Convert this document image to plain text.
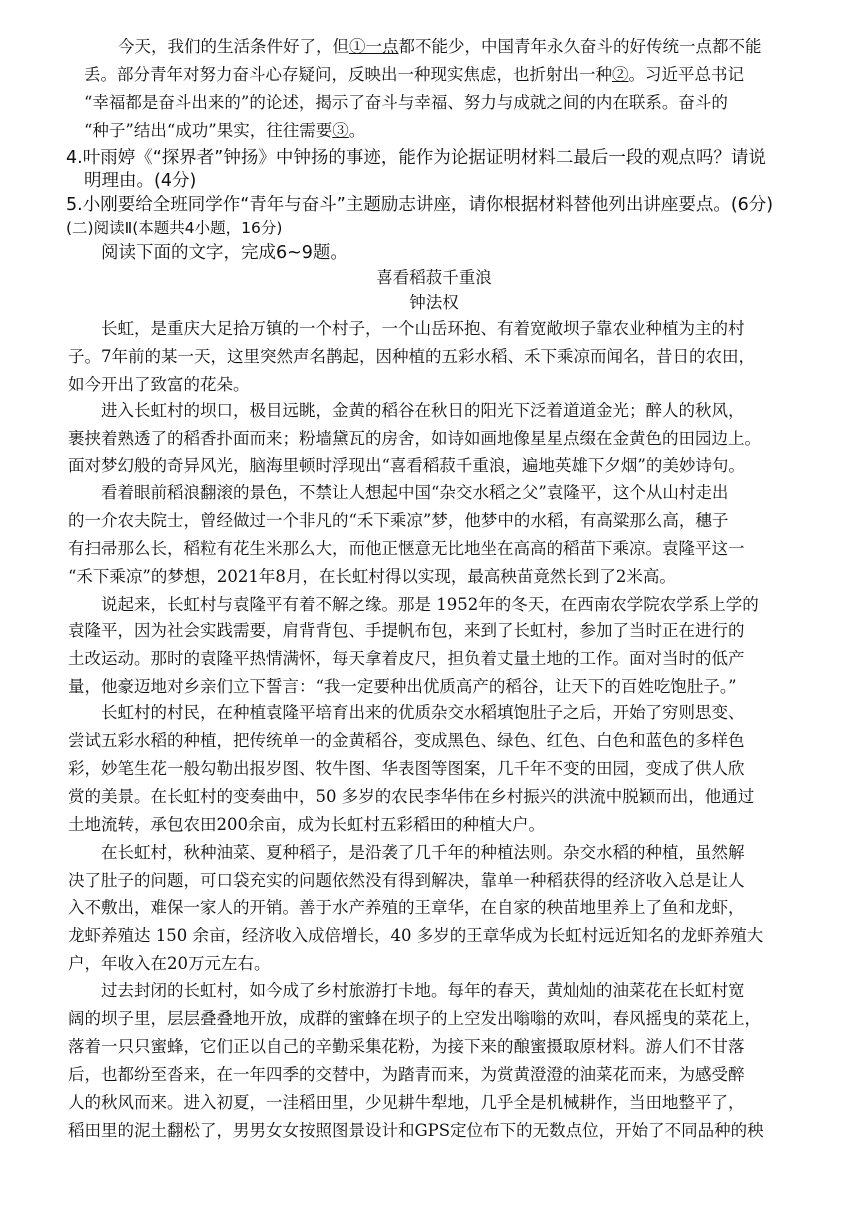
今天，我们的生活条件好了，但①一点都不能少，中国青年永久奋斗的好传统一点都不能
丢。部分青年对努力奋斗心存疑问，反映出一种现实焦虑，也折射出一种②。习近平总书记
“幸福都是奋斗出来的”的论述，揭示了奋斗与幸福、努力与成就之间的内在联系。奋斗的
“种子”结出“成功”果实，往往需要③。
4.叶雨婷《“探界者”钟扬》中钟扬的事迹，能作为论据证明材料二最后一段的观点吗？请说
明理由。(4分)
5.小刚要给全班同学作“青年与奋斗”主题励志讲座，请你根据材料替他列出讲座要点。(6分)
(二)阅读Ⅱ(本题共4小题，16分)
阅读下面的文字，完成6~9题。
喜看稻菽千重浪
钟法权
长虹，是重庆大足拾万镇的一个村子，一个山岳环抱、有着宽敞坝子靠农业种植为主的村
子。7年前的某一天，这里突然声名鹊起，因种植的五彩水稻、禾下乘凉而闻名，昔日的农田，
如今开出了致富的花朵。
进入长虹村的坝口，极目远眺，金黄的稻谷在秋日的阳光下泛着道道金光；醉人的秋风，
裹挟着熟透了的稻香扑面而来；粉墙黛瓦的房舍，如诗如画地像星星点缀在金黄色的田园边上。
面对梦幻般的奇异风光，脑海里顿时浮现出“喜看稻菽千重浪，遍地英雄下夕烟”的美妙诗句。
看着眼前稻浪翻滚的景色，不禁让人想起中国“杂交水稻之父”袁隆平，这个从山村走出
的一介农夫院士，曾经做过一个非凡的“禾下乘凉”梦，他梦中的水稻，有高粱那么高，穗子
有扫帚那么长，稻粒有花生米那么大，而他正惬意无比地坐在高高的稻苗下乘凉。袁隆平这一
“禾下乘凉”的梦想，2021年8月，在长虹村得以实现，最高秧苗竟然长到了2米高。
说起来，长虹村与袁隆平有着不解之缘。那是 1952年的冬天，在西南农学院农学系上学的
袁隆平，因为社会实践需要，肩背背包、手提帆布包，来到了长虹村，参加了当时正在进行的
土改运动。那时的袁隆平热情满怀，每天拿着皮尺，担负着丈量土地的工作。面对当时的低产
量，他豪迈地对乡亲们立下誓言：“我一定要种出优质高产的稻谷，让天下的百姓吃饱肚子。”
长虹村的村民，在种植袁隆平培育出来的优质杂交水稻填饱肚子之后，开始了穷则思变、
尝试五彩水稻的种植，把传统单一的金黄稻谷，变成黑色、绿色、红色、白色和蓝色的多样色
彩，妙笔生花一般勾勒出报岁图、牧牛图、华表图等图案，几千年不变的田园，变成了供人欣
赏的美景。在长虹村的变奏曲中，50 多岁的农民李华伟在乡村振兴的洪流中脱颖而出，他通过
土地流转，承包农田200余亩，成为长虹村五彩稻田的种植大户。
在长虹村，秋种油菜、夏种稻子，是沿袭了几千年的种植法则。杂交水稻的种植，虽然解
决了肚子的问题，可口袋充实的问题依然没有得到解决，靠单一种稻获得的经济收入总是让人
入不敷出，难保一家人的开销。善于水产养殖的王章华，在自家的秧苗地里养上了鱼和龙虾，
龙虾养殖达 150 余亩，经济收入成倍增长，40 多岁的王章华成为长虹村远近知名的龙虾养殖大
户，年收入在20万元左右。
过去封闭的长虹村，如今成了乡村旅游打卡地。每年的春天，黄灿灿的油菜花在长虹村宽
阔的坝子里，层层叠叠地开放，成群的蜜蜂在坝子的上空发出嗡嗡的欢叫，春风摇曳的菜花上，
落着一只只蜜蜂，它们正以自己的辛勤采集花粉，为接下来的酿蜜摄取原材料。游人们不甘落
后，也都纷至沓来，在一年四季的交替中，为踏青而来，为赏黄澄澄的油菜花而来，为感受醉
人的秋风而来。进入初夏，一洼稻田里，少见耕牛犁地，几乎全是机械耕作，当田地整平了，
稻田里的泥土翻松了，男男女女按照图景设计和GPS定位布下的无数点位，开始了不同品种的秧
